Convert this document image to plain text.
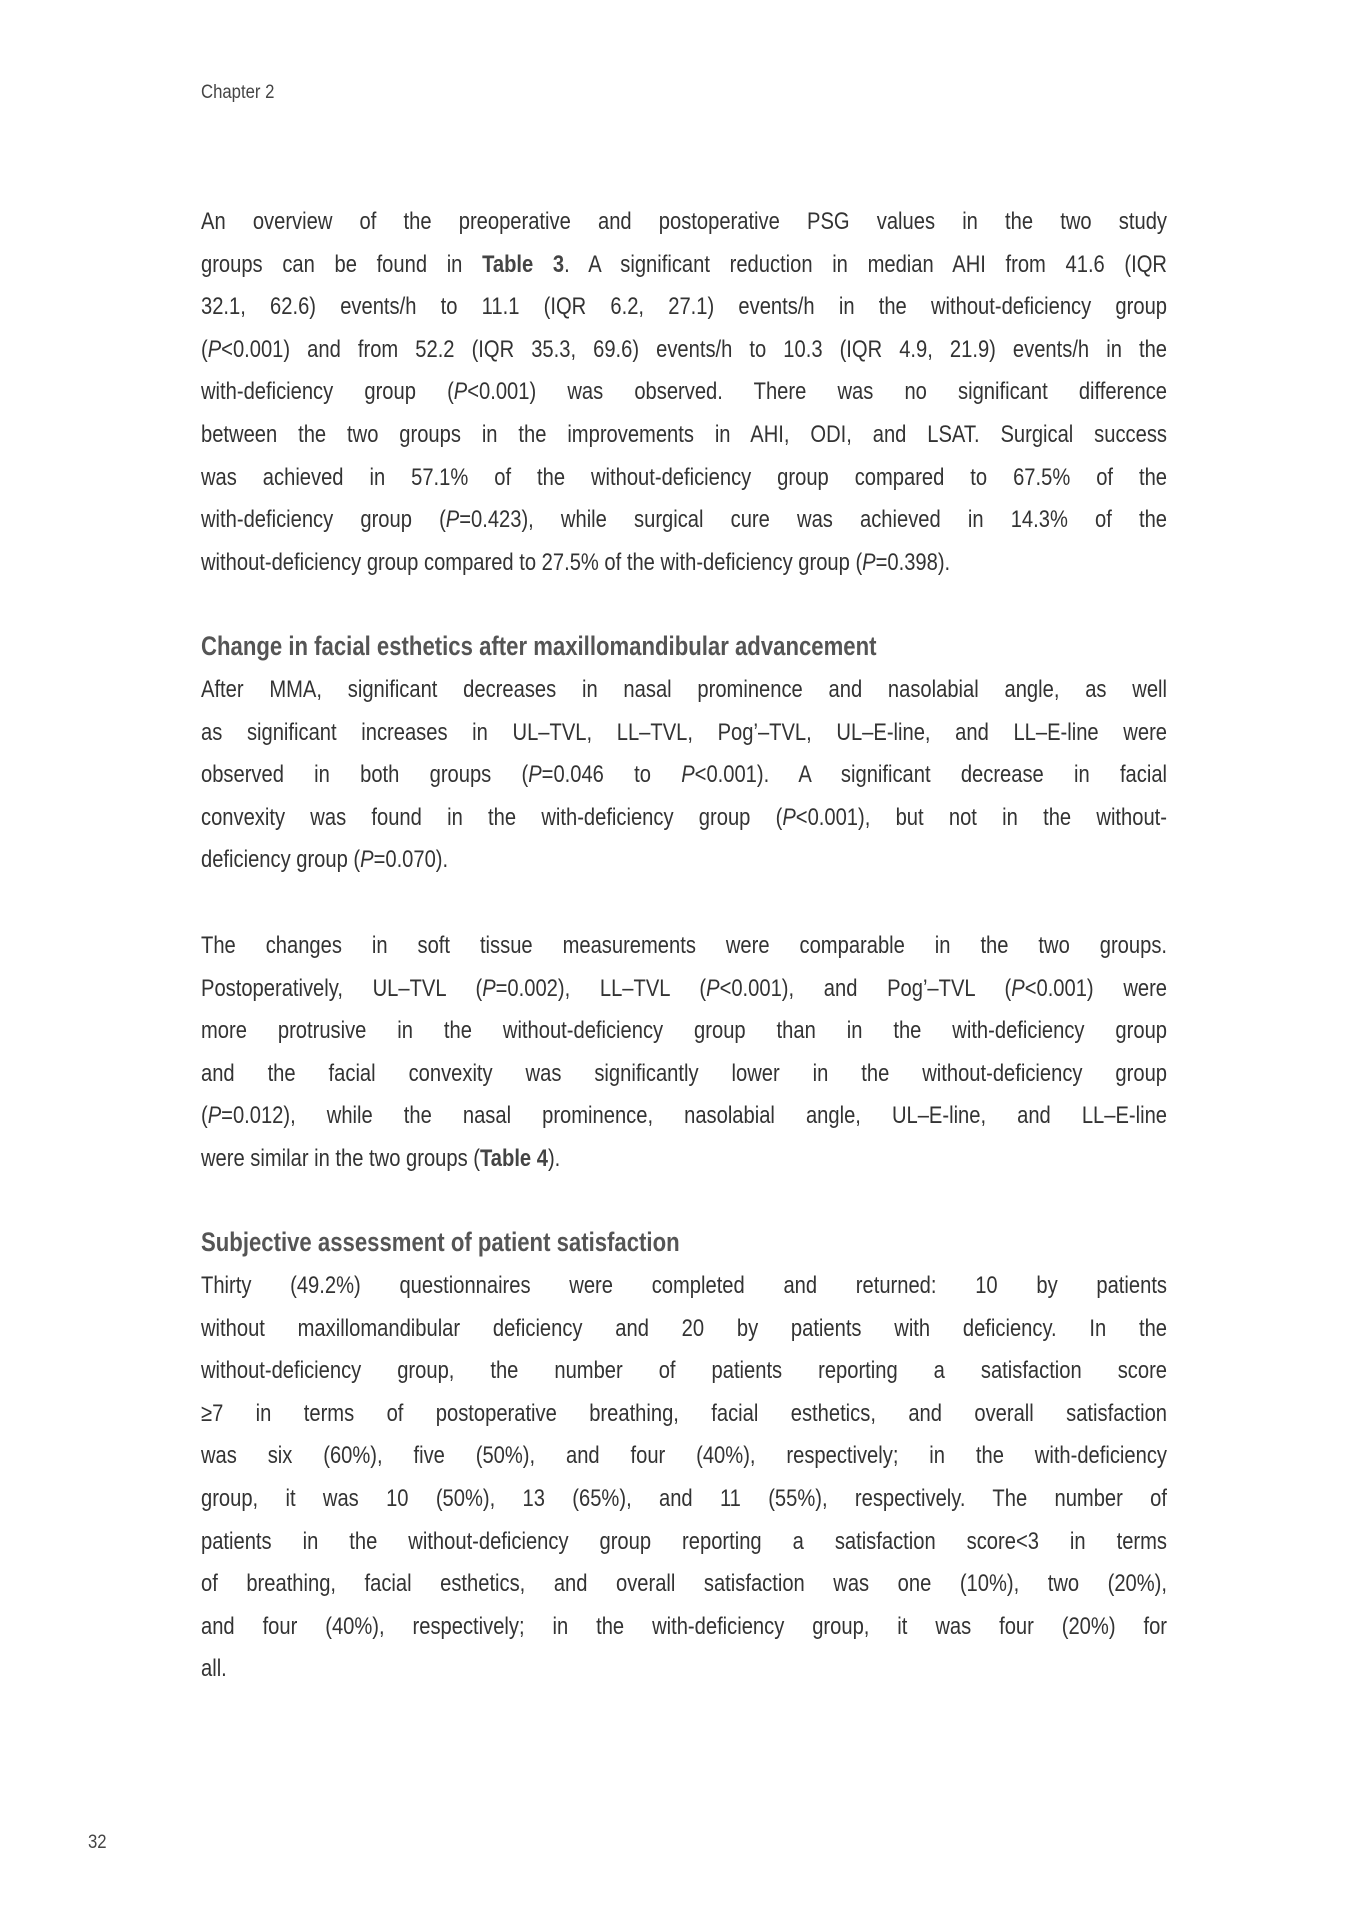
Chapter 2
An overview of the preoperative and postoperative PSG values in the two study
groups can be found in Table 3. A significant reduction in median AHI from 41.6 (IQR
32.1, 62.6) events/h to 11.1 (IQR 6.2, 27.1) events/h in the without-deficiency group
(P<0.001) and from 52.2 (IQR 35.3, 69.6) events/h to 10.3 (IQR 4.9, 21.9) events/h in the
with-deficiency group (P<0.001) was observed. There was no significant difference
between the two groups in the improvements in AHI, ODI, and LSAT. Surgical success
was achieved in 57.1% of the without-deficiency group compared to 67.5% of the
with-deficiency group (P=0.423), while surgical cure was achieved in 14.3% of the
without-deficiency group compared to 27.5% of the with-deficiency group (P=0.398).
Change in facial esthetics after maxillomandibular advancement
After MMA, significant decreases in nasal prominence and nasolabial angle, as well
as significant increases in UL–TVL, LL–TVL, Pog’–TVL, UL–E-line, and LL–E-line were
observed in both groups (P=0.046 to P<0.001). A significant decrease in facial
convexity was found in the with-deficiency group (P<0.001), but not in the without-
deficiency group (P=0.070).
The changes in soft tissue measurements were comparable in the two groups.
Postoperatively, UL–TVL (P=0.002), LL–TVL (P<0.001), and Pog’–TVL (P<0.001) were
more protrusive in the without-deficiency group than in the with-deficiency group
and the facial convexity was significantly lower in the without-deficiency group
(P=0.012), while the nasal prominence, nasolabial angle, UL–E-line, and LL–E-line
were similar in the two groups (Table 4).
Subjective assessment of patient satisfaction
Thirty (49.2%) questionnaires were completed and returned: 10 by patients
without maxillomandibular deficiency and 20 by patients with deficiency. In the
without-deficiency group, the number of patients reporting a satisfaction score
≥7 in terms of postoperative breathing, facial esthetics, and overall satisfaction
was six (60%), five (50%), and four (40%), respectively; in the with-deficiency
group, it was 10 (50%), 13 (65%), and 11 (55%), respectively. The number of
patients in the without-deficiency group reporting a satisfaction score<3 in terms
of breathing, facial esthetics, and overall satisfaction was one (10%), two (20%),
and four (40%), respectively; in the with-deficiency group, it was four (20%) for
all.
32
